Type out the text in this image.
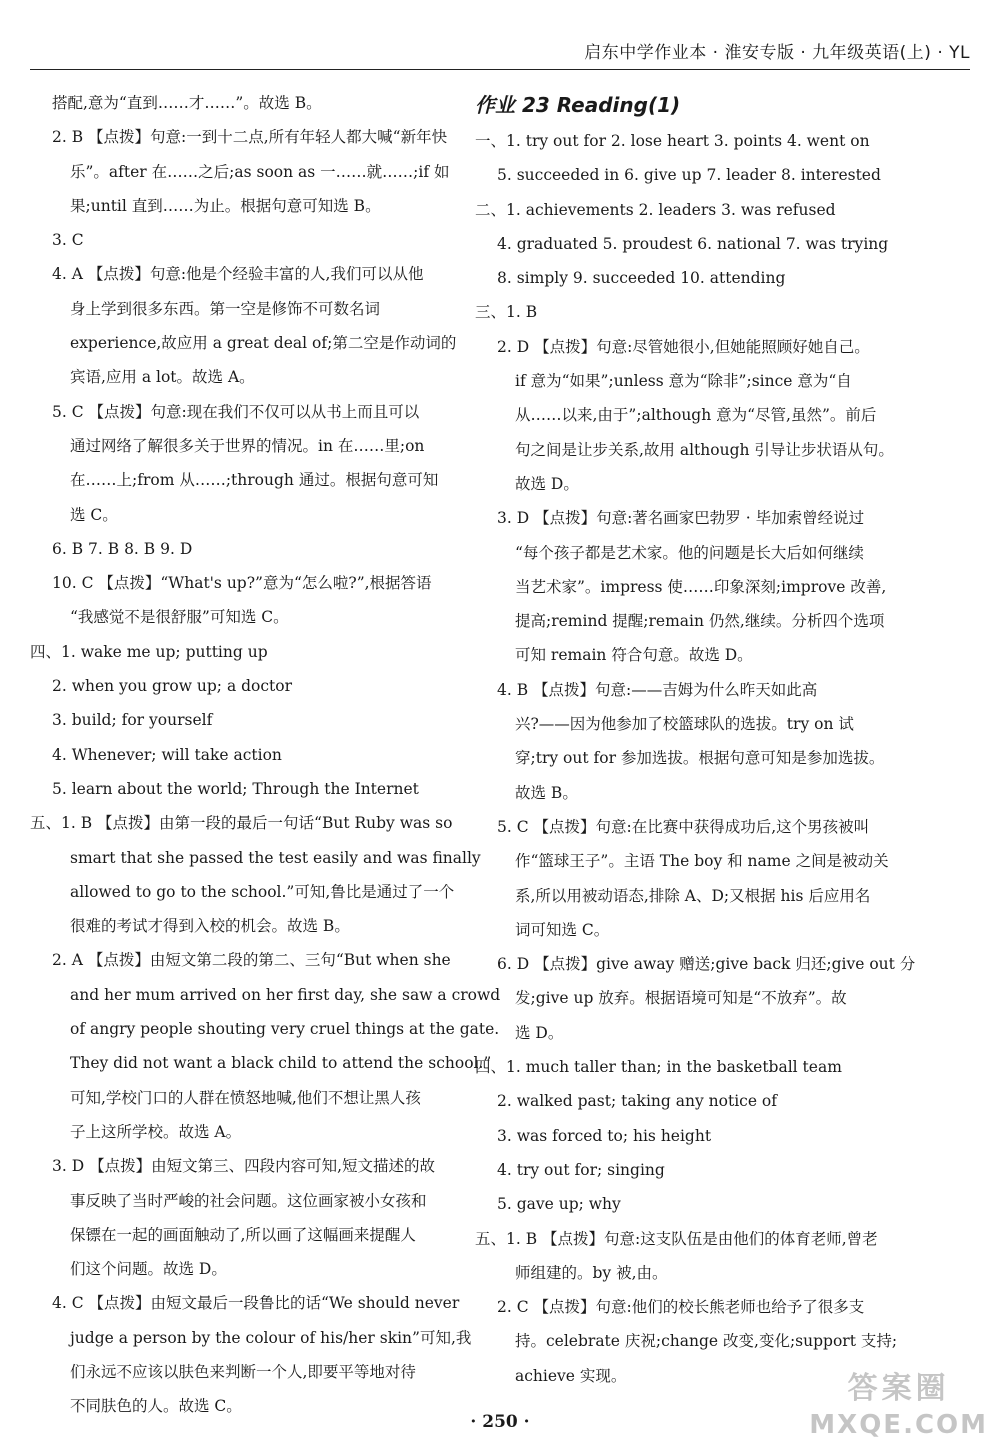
启东中学作业本 · 淮安专版 · 九年级英语(上) · YL
搭配,意为“直到……才……”。故选 B。
2. B 【点拨】句意:一到十二点,所有年轻人都大喊“新年快
乐”。after 在……之后;as soon as 一……就……;if 如
果;until 直到……为止。根据句意可知选 B。
3. C
4. A 【点拨】句意:他是个经验丰富的人,我们可以从他
身上学到很多东西。第一空是修饰不可数名词
experience,故应用 a great deal of;第二空是作动词的
宾语,应用 a lot。故选 A。
5. C 【点拨】句意:现在我们不仅可以从书上而且可以
通过网络了解很多关于世界的情况。in 在……里;on
在……上;from 从……;through 通过。根据句意可知
选 C。
6. B 7. B 8. B 9. D
10. C 【点拨】“What's up?”意为“怎么啦?”,根据答语
“我感觉不是很舒服”可知选 C。
四、1. wake me up; putting up
2. when you grow up; a doctor
3. build; for yourself
4. Whenever; will take action
5. learn about the world; Through the Internet
五、1. B 【点拨】由第一段的最后一句话“But Ruby was so
smart that she passed the test easily and was finally
allowed to go to the school.”可知,鲁比是通过了一个
很难的考试才得到入校的机会。故选 B。
2. A 【点拨】由短文第二段的第二、三句“But when she
and her mum arrived on her first day, she saw a crowd
of angry people shouting very cruel things at the gate.
They did not want a black child to attend the school.”
可知,学校门口的人群在愤怒地喊,他们不想让黑人孩
子上这所学校。故选 A。
3. D 【点拨】由短文第三、四段内容可知,短文描述的故
事反映了当时严峻的社会问题。这位画家被小女孩和
保镖在一起的画面触动了,所以画了这幅画来提醒人
们这个问题。故选 D。
4. C 【点拨】由短文最后一段鲁比的话“We should never
judge a person by the colour of his/her skin”可知,我
们永远不应该以肤色来判断一个人,即要平等地对待
不同肤色的人。故选 C。
作业 23 Reading(1)
一、1. try out for 2. lose heart 3. points 4. went on
5. succeeded in 6. give up 7. leader 8. interested
二、1. achievements 2. leaders 3. was refused
4. graduated 5. proudest 6. national 7. was trying
8. simply 9. succeeded 10. attending
三、1. B
2. D 【点拨】句意:尽管她很小,但她能照顾好她自己。
if 意为“如果”;unless 意为“除非”;since 意为“自
从……以来,由于”;although 意为“尽管,虽然”。前后
句之间是让步关系,故用 although 引导让步状语从句。
故选 D。
3. D 【点拨】句意:著名画家巴勃罗 · 毕加索曾经说过
“每个孩子都是艺术家。他的问题是长大后如何继续
当艺术家”。impress 使……印象深刻;improve 改善,
提高;remind 提醒;remain 仍然,继续。分析四个选项
可知 remain 符合句意。故选 D。
4. B 【点拨】句意:——吉姆为什么昨天如此高
兴?——因为他参加了校篮球队的选拔。try on 试
穿;try out for 参加选拔。根据句意可知是参加选拔。
故选 B。
5. C 【点拨】句意:在比赛中获得成功后,这个男孩被叫
作“篮球王子”。主语 The boy 和 name 之间是被动关
系,所以用被动语态,排除 A、D;又根据 his 后应用名
词可知选 C。
6. D 【点拨】give away 赠送;give back 归还;give out 分
发;give up 放弃。根据语境可知是“不放弃”。故
选 D。
四、1. much taller than; in the basketball team
2. walked past; taking any notice of
3. was forced to; his height
4. try out for; singing
5. gave up; why
五、1. B 【点拨】句意:这支队伍是由他们的体育老师,曾老
师组建的。by 被,由。
2. C 【点拨】句意:他们的校长熊老师也给予了很多支
持。celebrate 庆祝;change 改变,变化;support 支持;
achieve 实现。
· 250 ·
答案圈
MXQE.COM
